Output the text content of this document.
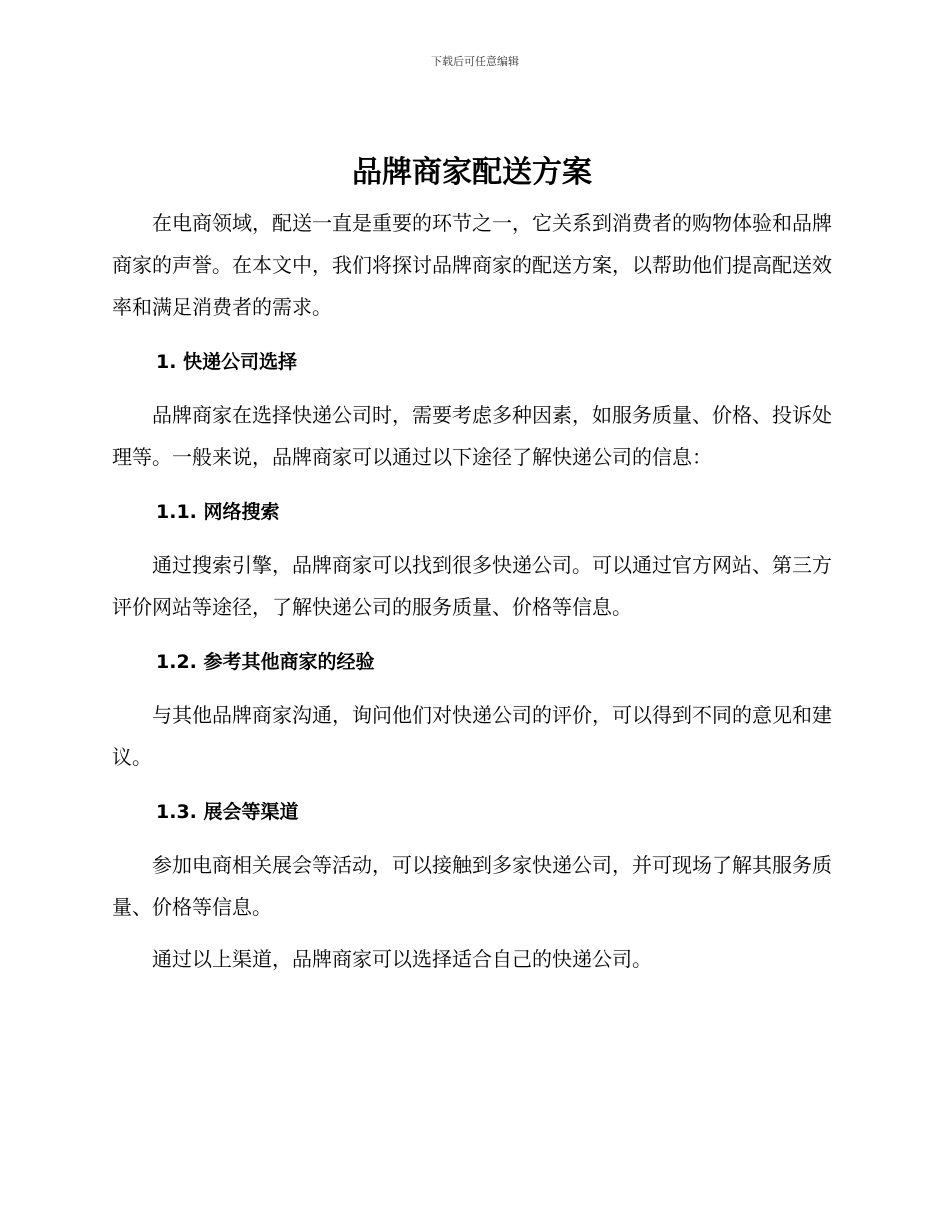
下载后可任意编辑
品牌商家配送方案

在电商领域，配送一直是重要的环节之一，它关系到消费者的购物体验和品牌商家的声誉。在本文中，我们将探讨品牌商家的配送方案，以帮助他们提高配送效率和满足消费者的需求。

1. 快递公司选择

品牌商家在选择快递公司时，需要考虑多种因素，如服务质量、价格、投诉处理等。一般来说，品牌商家可以通过以下途径了解快递公司的信息：

1.1. 网络搜索

通过搜索引擎，品牌商家可以找到很多快递公司。可以通过官方网站、第三方评价网站等途径，了解快递公司的服务质量、价格等信息。

1.2. 参考其他商家的经验

与其他品牌商家沟通，询问他们对快递公司的评价，可以得到不同的意见和建议。

1.3. 展会等渠道

参加电商相关展会等活动，可以接触到多家快递公司，并可现场了解其服务质量、价格等信息。

通过以上渠道，品牌商家可以选择适合自己的快递公司。
